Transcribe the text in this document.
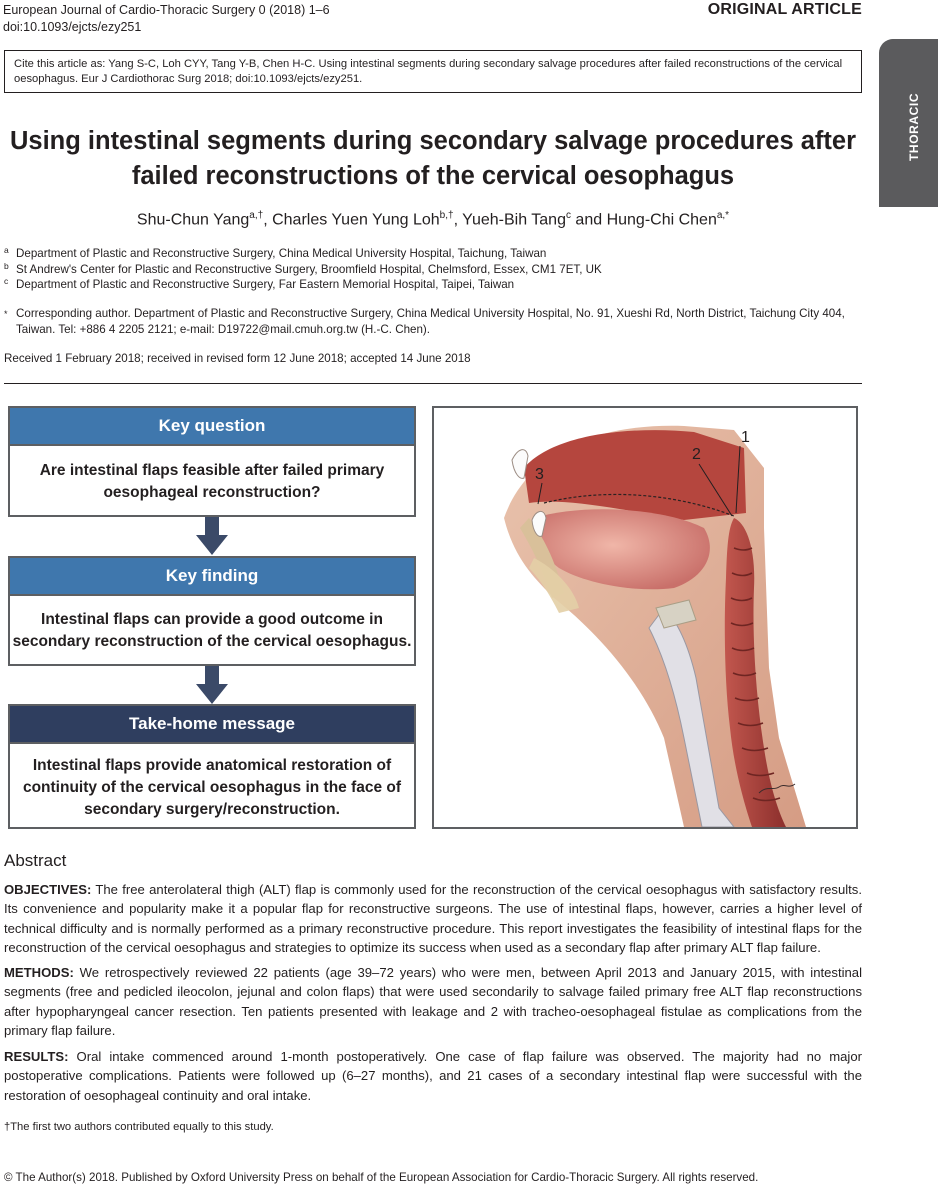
European Journal of Cardio-Thoracic Surgery 0 (2018) 1–6
doi:10.1093/ejcts/ezy251
ORIGINAL ARTICLE
THORACIC
Cite this article as: Yang S-C, Loh CYY, Tang Y-B, Chen H-C. Using intestinal segments during secondary salvage procedures after failed reconstructions of the cervical oesophagus. Eur J Cardiothorac Surg 2018; doi:10.1093/ejcts/ezy251.
Using intestinal segments during secondary salvage procedures after
failed reconstructions of the cervical oesophagus
Shu-Chun Yang$^{a,\dagger}$, Charles Yuen Yung Loh$^{b,\dagger}$, Yueh-Bih Tang$^c$ and Hung-Chi Chen$^{a,*}$
a Department of Plastic and Reconstructive Surgery, China Medical University Hospital, Taichung, Taiwan
b St Andrew's Center for Plastic and Reconstructive Surgery, Broomfield Hospital, Chelmsford, Essex, CM1 7ET, UK
c Department of Plastic and Reconstructive Surgery, Far Eastern Memorial Hospital, Taipei, Taiwan
* Corresponding author. Department of Plastic and Reconstructive Surgery, China Medical University Hospital, No. 91, Xueshi Rd, North District, Taichung City 404, Taiwan. Tel: +886 4 2205 2121; e-mail: D19722@mail.cmuh.org.tw (H.-C. Chen).
Received 1 February 2018; received in revised form 12 June 2018; accepted 14 June 2018
Key question
Are intestinal flaps feasible after failed primary
oesophageal reconstruction?
Key finding
Intestinal flaps can provide a good outcome in
secondary reconstruction of the cervical oesophagus.
Take-home message
Intestinal flaps provide anatomical restoration of
continuity of the cervical oesophagus in the face of
secondary surgery/reconstruction.
1
2
3
Abstract
OBJECTIVES: The free anterolateral thigh (ALT) flap is commonly used for the reconstruction of the cervical oesophagus with satisfactory results. Its convenience and popularity make it a popular flap for reconstructive surgeons. The use of intestinal flaps, however, carries a higher level of technical difficulty and is normally performed as a primary reconstructive procedure. This report investigates the feasibility of intestinal flaps for the reconstruction of the cervical oesophagus and strategies to optimize its success when used as a secondary flap after primary ALT flap failure.
METHODS: We retrospectively reviewed 22 patients (age 39–72 years) who were men, between April 2013 and January 2015, with intestinal segments (free and pedicled ileocolon, jejunal and colon flaps) that were used secondarily to salvage failed primary free ALT flap reconstructions after hypopharyngeal cancer resection. Ten patients presented with leakage and 2 with tracheo-oesophageal fistulae as complications from the primary flap failure.
RESULTS: Oral intake commenced around 1-month postoperatively. One case of flap failure was observed. The majority had no major postoperative complications. Patients were followed up (6–27 months), and 21 cases of a secondary intestinal flap were successful with the restoration of oesophageal continuity and oral intake.
†The first two authors contributed equally to this study.
© The Author(s) 2018. Published by Oxford University Press on behalf of the European Association for Cardio-Thoracic Surgery. All rights reserved.
